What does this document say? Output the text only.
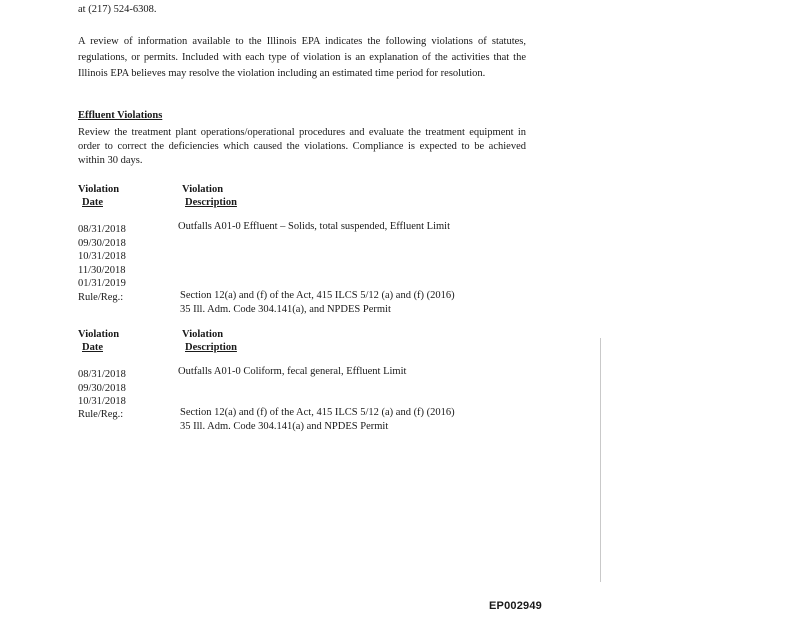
at (217) 524-6308.
A review of information available to the Illinois EPA indicates the following violations of statutes, regulations, or permits. Included with each type of violation is an explanation of the activities that the Illinois EPA believes may resolve the violation including an estimated time period for resolution.
Effluent Violations
Review the treatment plant operations/operational procedures and evaluate the treatment equipment in order to correct the deficiencies which caused the violations. Compliance is expected to be achieved within 30 days.
Violation
Date
Violation
Description
08/31/2018
09/30/2018
10/31/2018
11/30/2018
01/31/2019
Outfalls A01-0 Effluent – Solids, total suspended, Effluent Limit
Rule/Reg.:	Section 12(a) and (f) of the Act, 415 ILCS 5/12 (a) and (f) (2016)
35 Ill. Adm. Code 304.141(a), and NPDES Permit
Violation
Date
Violation
Description
08/31/2018
09/30/2018
10/31/2018
Outfalls A01-0 Coliform, fecal general, Effluent Limit
Rule/Reg.:	Section 12(a) and (f) of the Act, 415 ILCS 5/12 (a) and (f) (2016)
35 Ill. Adm. Code 304.141(a) and NPDES Permit
EP002949
